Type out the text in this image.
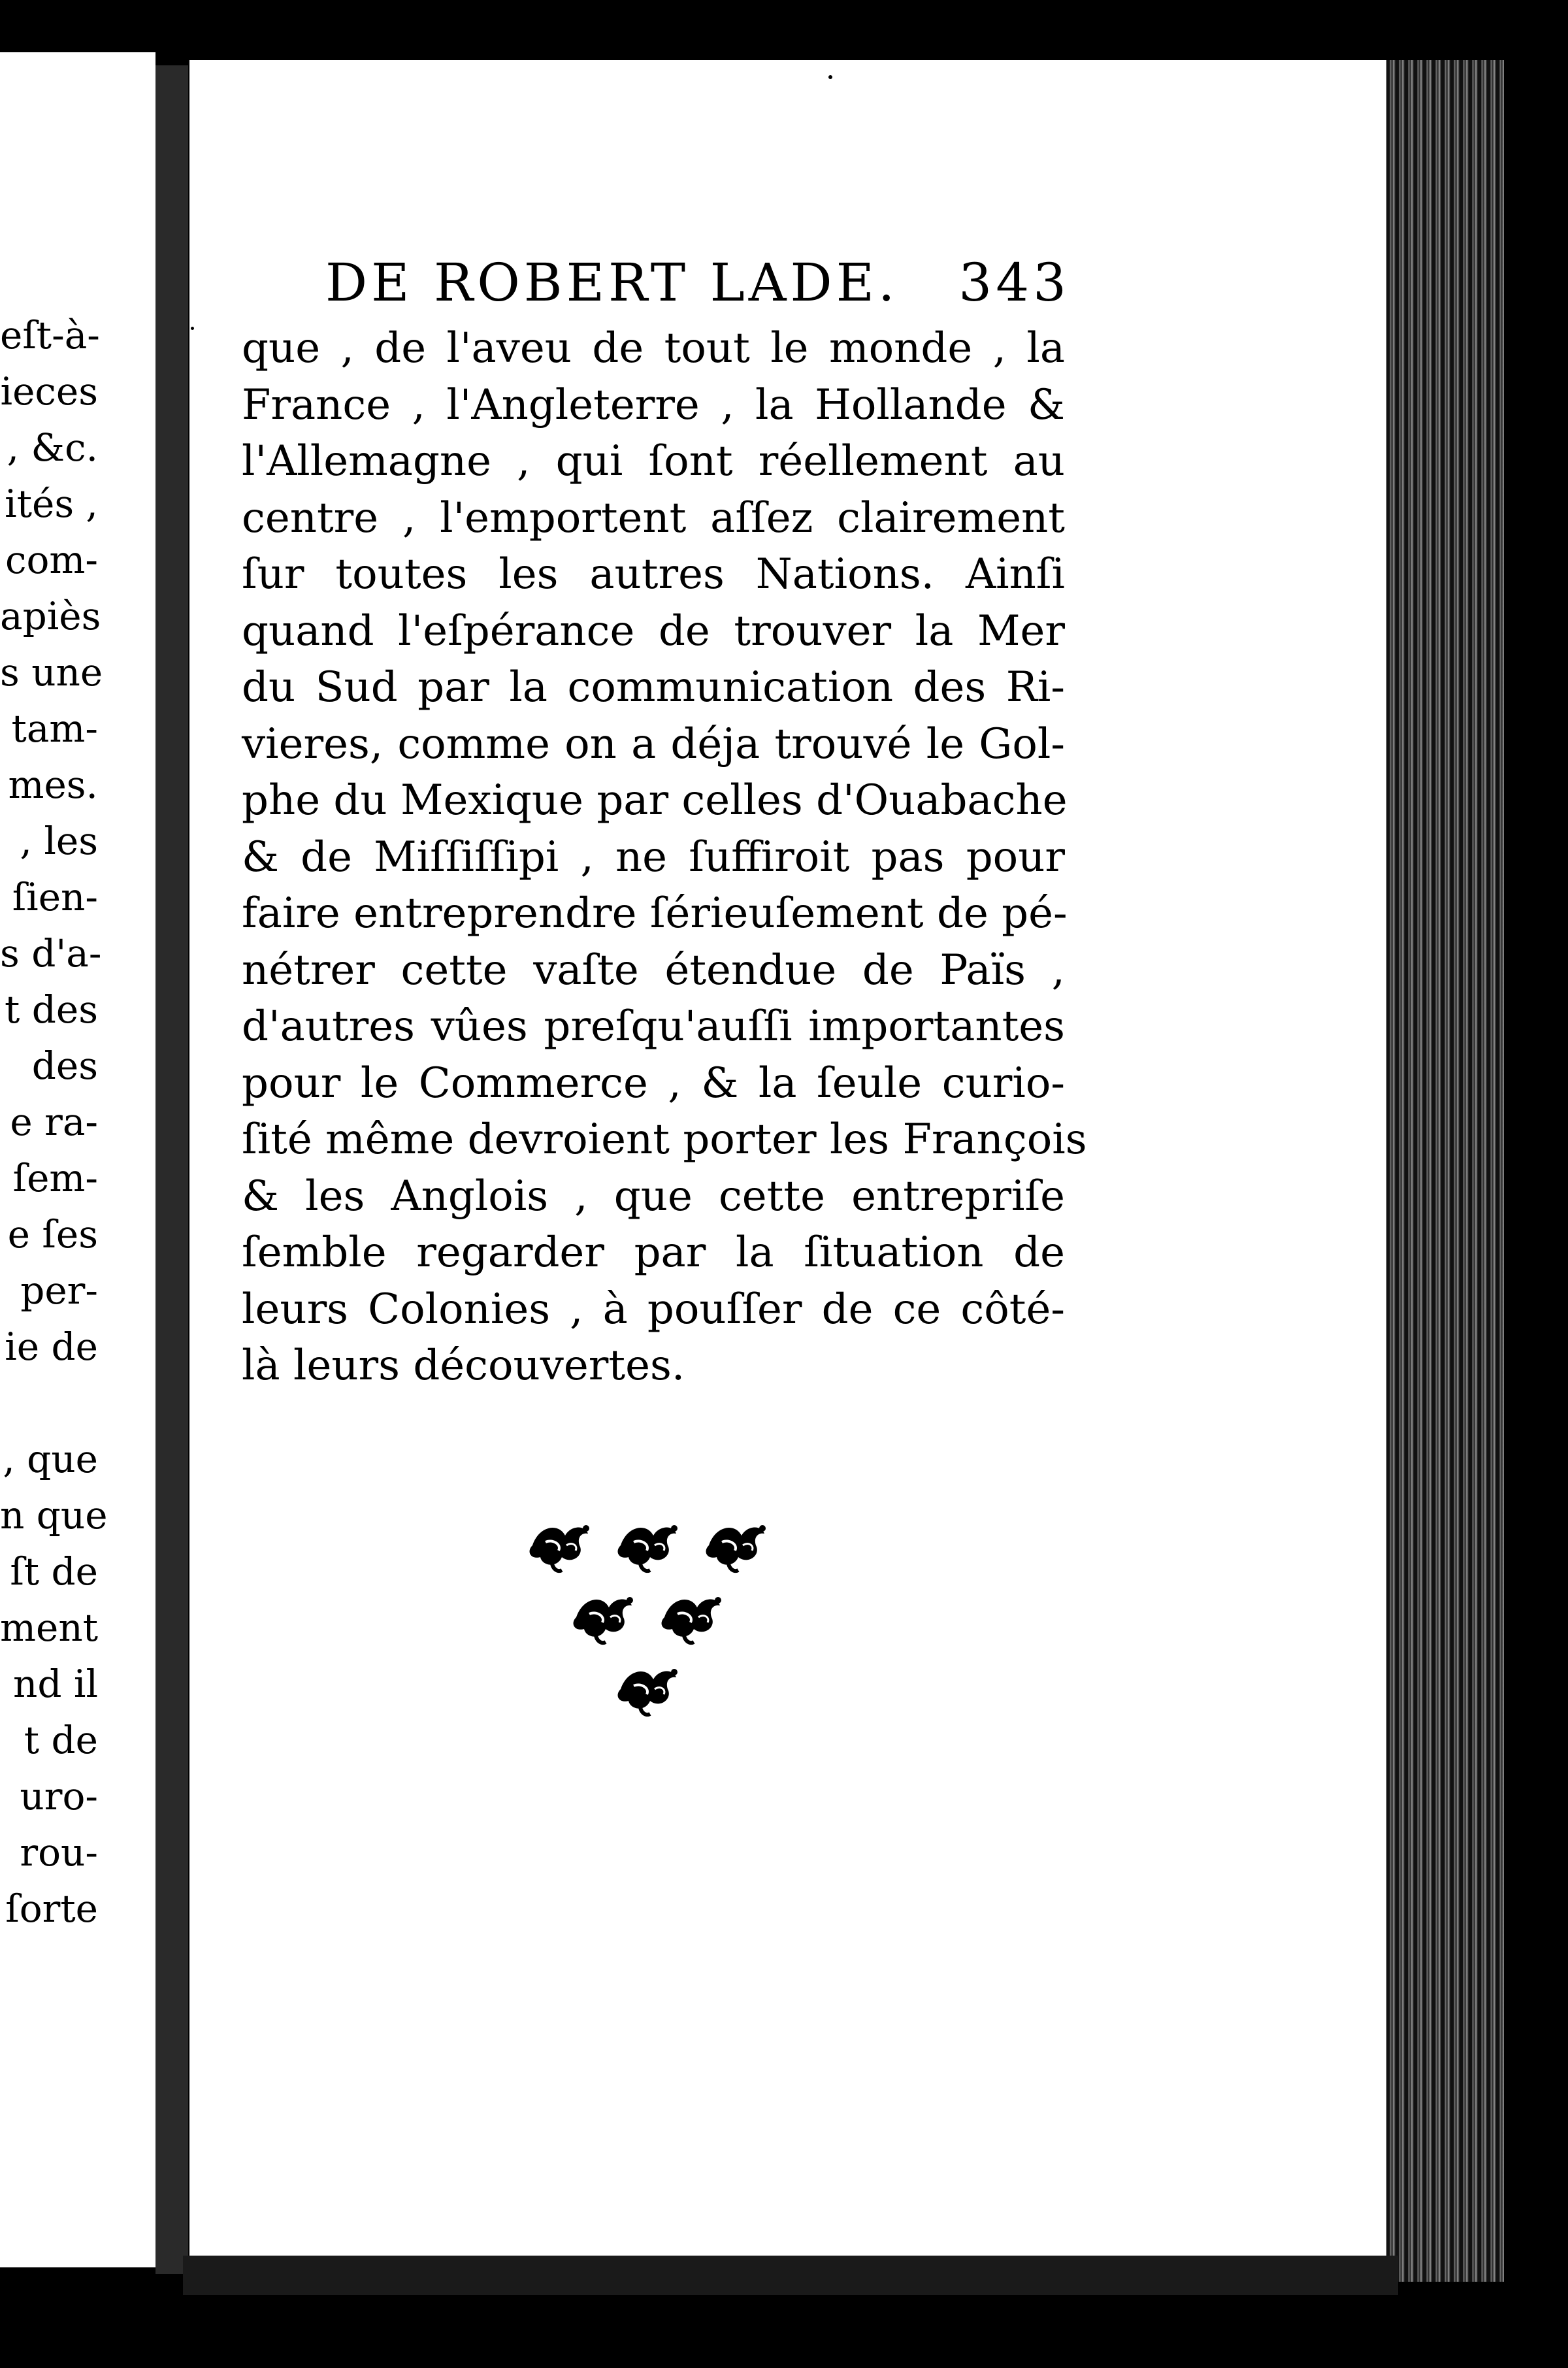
eſt-à-
ieces
, &c.
ités ,
com-
apiès
s une
tam-
mes.
, les
ſien-
s d'a-
t des
des
e ra-
ſem-
e ſes
per-
ie de
, que
n que
ſt de
ment
nd il
t de
uro-
rou-
ſorte
DE ROBERT LADE. 343
que , de l'aveu de tout le monde , la
France , l'Angleterre , la Hollande &
l'Allemagne , qui ſont réellement au
centre , l'emportent aſſez clairement
ſur toutes les autres Nations. Ainſi
quand l'eſpérance de trouver la Mer
du Sud par la communication des Ri-
vieres, comme on a déja trouvé le Gol-
phe du Mexique par celles d'Ouabache
& de Miſſiſſipi , ne ſuffiroit pas pour
faire entreprendre ſérieuſement de pé-
nétrer cette vaſte étendue de Païs ,
d'autres vûes preſqu'auſſi importantes
pour le Commerce , & la ſeule curio-
ſité même devroient porter les François
& les Anglois , que cette entrepriſe
ſemble regarder par la ſituation de
leurs Colonies , à pouſſer de ce côté-
là leurs découvertes.
